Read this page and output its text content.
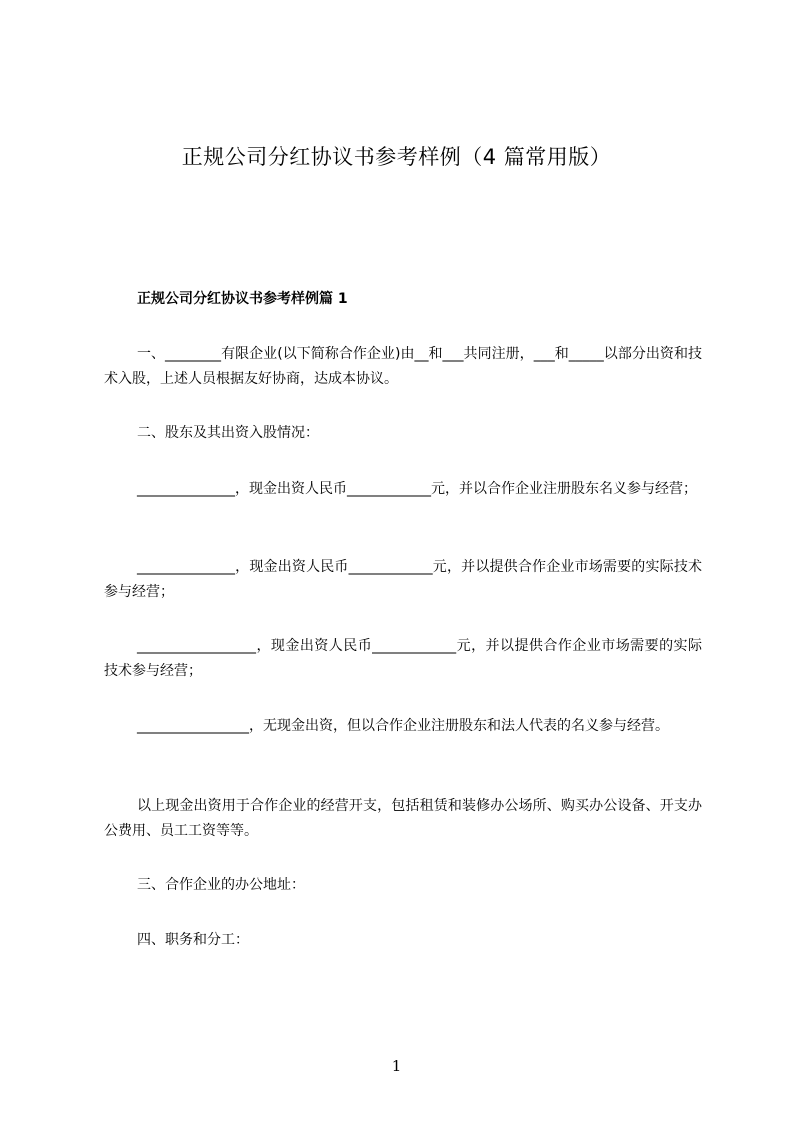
正规公司分红协议书参考样例（4 篇常用版）
正规公司分红协议书参考样例篇 1

一、________有限企业(以下简称合作企业)由__和___共同注册，___和_____以部分出资和技术入股，上述人员根据友好协商，达成本协议。

二、股东及其出资入股情况：

______________，现金出资人民币____________元，并以合作企业注册股东名义参与经营；

______________，现金出资人民币____________元，并以提供合作企业市场需要的实际技术参与经营；

_________________，现金出资人民币____________元，并以提供合作企业市场需要的实际技术参与经营；

________________，无现金出资，但以合作企业注册股东和法人代表的名义参与经营。

以上现金出资用于合作企业的经营开支，包括租赁和装修办公场所、购买办公设备、开支办公费用、员工工资等等。

三、合作企业的办公地址：

四、职务和分工：

1
